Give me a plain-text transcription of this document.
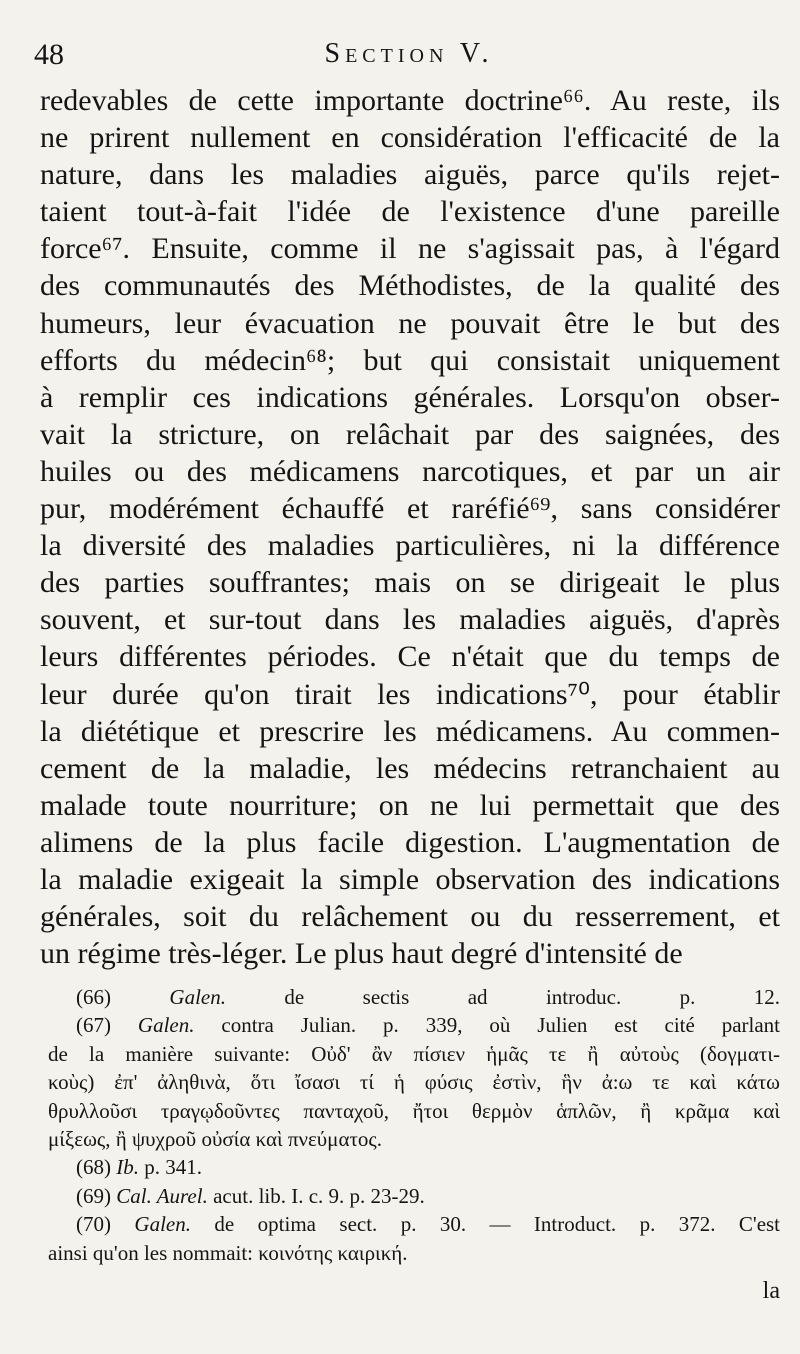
48	Section V.
redevables de cette importante doctrine⁶⁶. Au reste, ils
ne prirent nullement en considération l'efficacité de la
nature, dans les maladies aiguës, parce qu'ils rejet-
taient tout-à-fait l'idée de l'existence d'une pareille
force⁶⁷. Ensuite, comme il ne s'agissait pas, à l'égard
des communautés des Méthodistes, de la qualité des
humeurs, leur évacuation ne pouvait être le but des
efforts du médecin⁶⁸; but qui consistait uniquement
à remplir ces indications générales. Lorsqu'on obser-
vait la stricture, on relâchait par des saignées, des
huiles ou des médicamens narcotiques, et par un air
pur, modérément échauffé et raréfié⁶⁹, sans considérer
la diversité des maladies particulières, ni la différence
des parties souffrantes; mais on se dirigeait le plus
souvent, et sur-tout dans les maladies aiguës, d'après
leurs différentes périodes. Ce n'était que du temps de
leur durée qu'on tirait les indications⁷⁰, pour établir
la diététique et prescrire les médicamens. Au commen-
cement de la maladie, les médecins retranchaient au
malade toute nourriture; on ne lui permettait que des
alimens de la plus facile digestion. L'augmentation de
la maladie exigeait la simple observation des indications
générales, soit du relâchement ou du resserrement, et
un régime très-léger. Le plus haut degré d'intensité de
(66)	Galen.	de sectis ad introduc. p. 12.
(67) Galen. contra Julian. p. 339, où Julien est cité parlant
de la manière suivante: Οὐδ' ἂν πίσιεν ἡμᾶς τε ἢ αὐτοὺς (δογματι-
κοὺς) ἐπ' ἀληθινὰ, ὅτι ἴσασι τί ἡ φύσις ἐστὶν, ἣν ἀ:ω τε καὶ κάτω
θρυλλοῦσι τραγῳδοῦντες πανταχοῦ, ἤτοι θερμὸν ἁπλῶν, ἢ κρᾶμα καὶ
μίξεως, ἢ ψυχροῦ οὐσία καὶ πνεύματος.
(68) Ib. p. 341.
(69) Cal. Aurel. acut. lib. I. c. 9. p. 23-29.
(70) Galen. de optima sect. p. 30. — Introduct. p. 372. C'est
ainsi qu'on les nommait: κοινότης καιρική.
la
